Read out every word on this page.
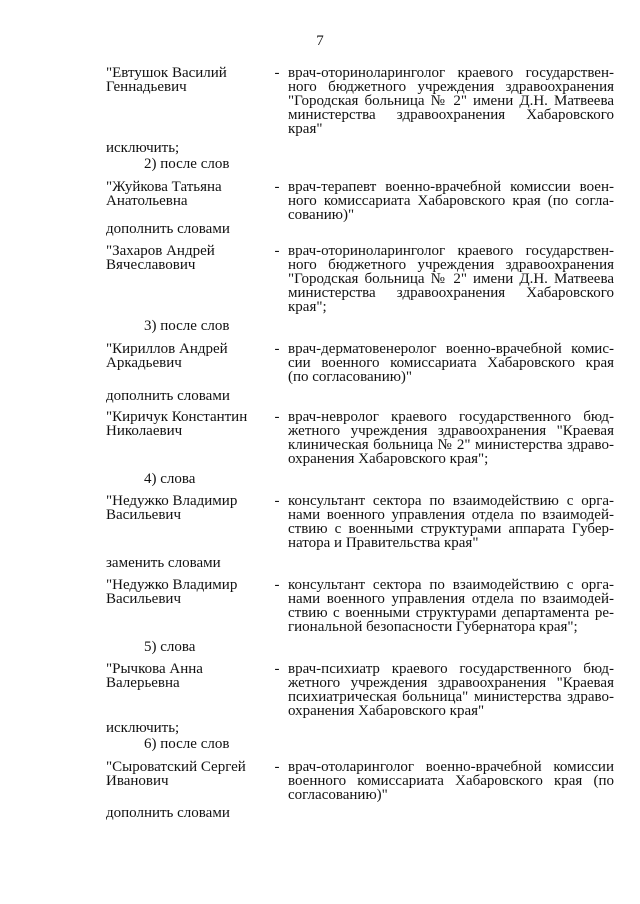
7
"Евтушок Василий
Геннадьевич
- врач-оториноларинголог краевого государствен-
ного бюджетного учреждения здравоохранения
"Городская больница № 2" имени Д.Н. Матвеева
министерства здравоохранения Хабаровского
края"
исключить;
2) после слов
"Жуйкова Татьяна
Анатольевна
- врач-терапевт военно-врачебной комиссии воен-
ного комиссариата Хабаровского края (по согла-
сованию)"
дополнить словами
"Захаров Андрей
Вячеславович
- врач-оториноларинголог краевого государствен-
ного бюджетного учреждения здравоохранения
"Городская больница № 2" имени Д.Н. Матвеева
министерства здравоохранения Хабаровского
края";
3) после слов
"Кириллов Андрей
Аркадьевич
- врач-дерматовенеролог военно-врачебной комис-
сии военного комиссариата Хабаровского края
(по согласованию)"
дополнить словами
"Киричук Константин
Николаевич
- врач-невролог краевого государственного бюд-
жетного учреждения здравоохранения "Краевая
клиническая больница № 2" министерства здраво-
охранения Хабаровского края";
4) слова
"Недужко Владимир
Васильевич
- консультант сектора по взаимодействию с орга-
нами военного управления отдела по взаимодей-
ствию с военными структурами аппарата Губер-
натора и Правительства края"
заменить словами
"Недужко Владимир
Васильевич
- консультант сектора по взаимодействию с орга-
нами военного управления отдела по взаимодей-
ствию с военными структурами департамента ре-
гиональной безопасности Губернатора края";
5) слова
"Рычкова Анна
Валерьевна
- врач-психиатр краевого государственного бюд-
жетного учреждения здравоохранения "Краевая
психиатрическая больница" министерства здраво-
охранения Хабаровского края"
исключить;
6) после слов
"Сыроватский Сергей
Иванович
- врач-отоларинголог военно-врачебной комиссии
военного комиссариата Хабаровского края (по
согласованию)"
дополнить словами
